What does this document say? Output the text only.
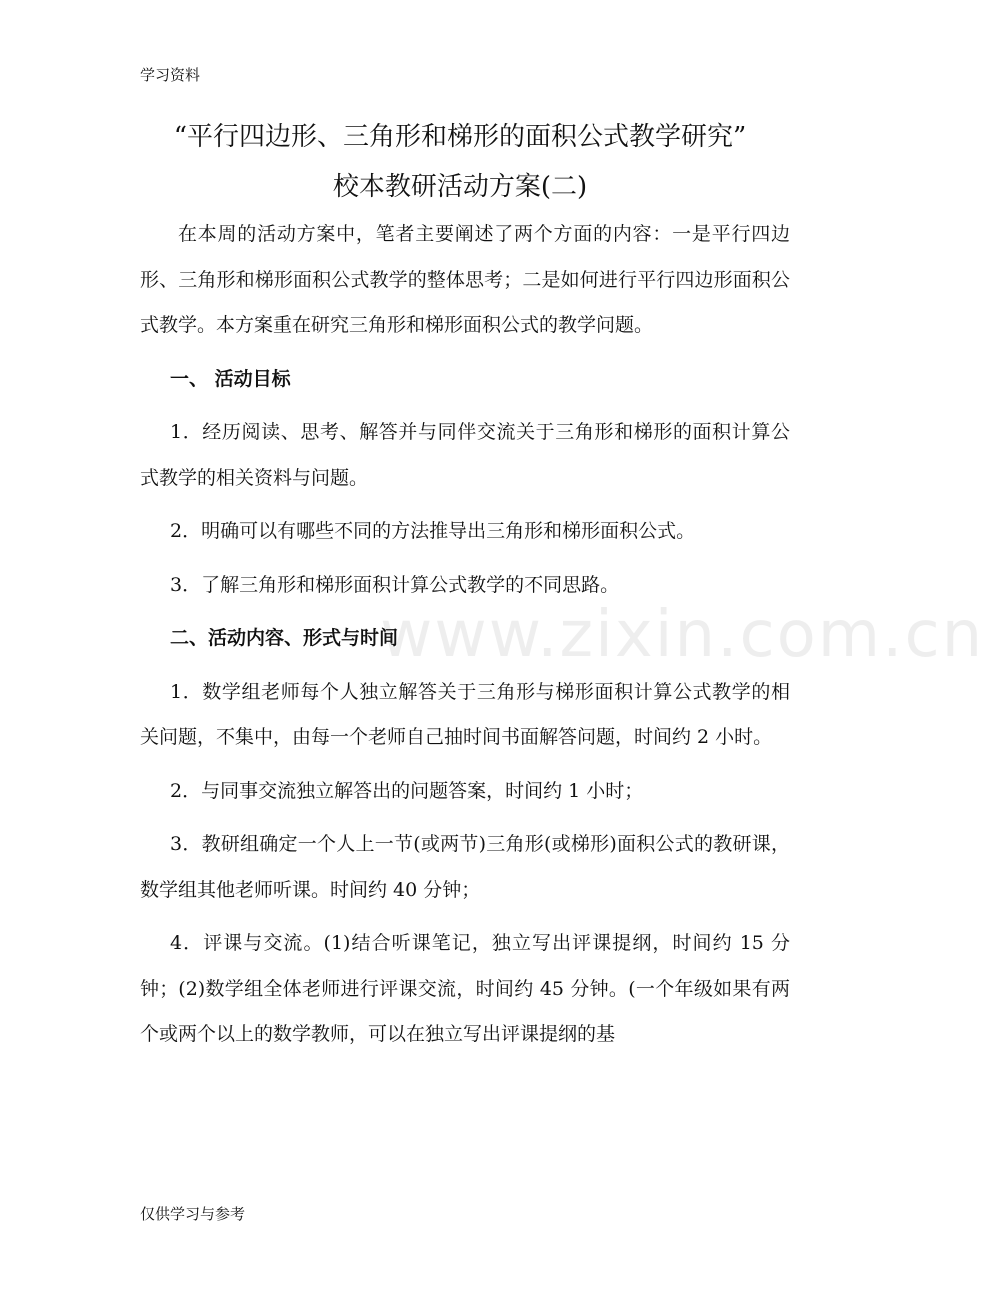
学习资料
“平行四边形、三角形和梯形的面积公式教学研究”
校本教研活动方案(二)
www.zixin.com.cn

在本周的活动方案中，笔者主要阐述了两个方面的内容：一是平行四边形、三角形和梯形面积公式教学的整体思考；二是如何进行平行四边形面积公式教学。本方案重在研究三角形和梯形面积公式的教学问题。

一、 活动目标

1．经历阅读、思考、解答并与同伴交流关于三角形和梯形的面积计算公式教学的相关资料与问题。

2．明确可以有哪些不同的方法推导出三角形和梯形面积公式。

3．了解三角形和梯形面积计算公式教学的不同思路。

二、活动内容、形式与时间

1．数学组老师每个人独立解答关于三角形与梯形面积计算公式教学的相关问题，不集中，由每一个老师自己抽时间书面解答问题，时间约 2 小时。

2．与同事交流独立解答出的问题答案，时间约 1 小时；

3．教研组确定一个人上一节(或两节)三角形(或梯形)面积公式的教研课，数学组其他老师听课。时间约 40 分钟；

4．评课与交流。(1)结合听课笔记，独立写出评课提纲，时间约 15 分钟；(2)数学组全体老师进行评课交流，时间约 45 分钟。(一个年级如果有两个或两个以上的数学教师，可以在独立写出评课提纲的基

仅供学习与参考
